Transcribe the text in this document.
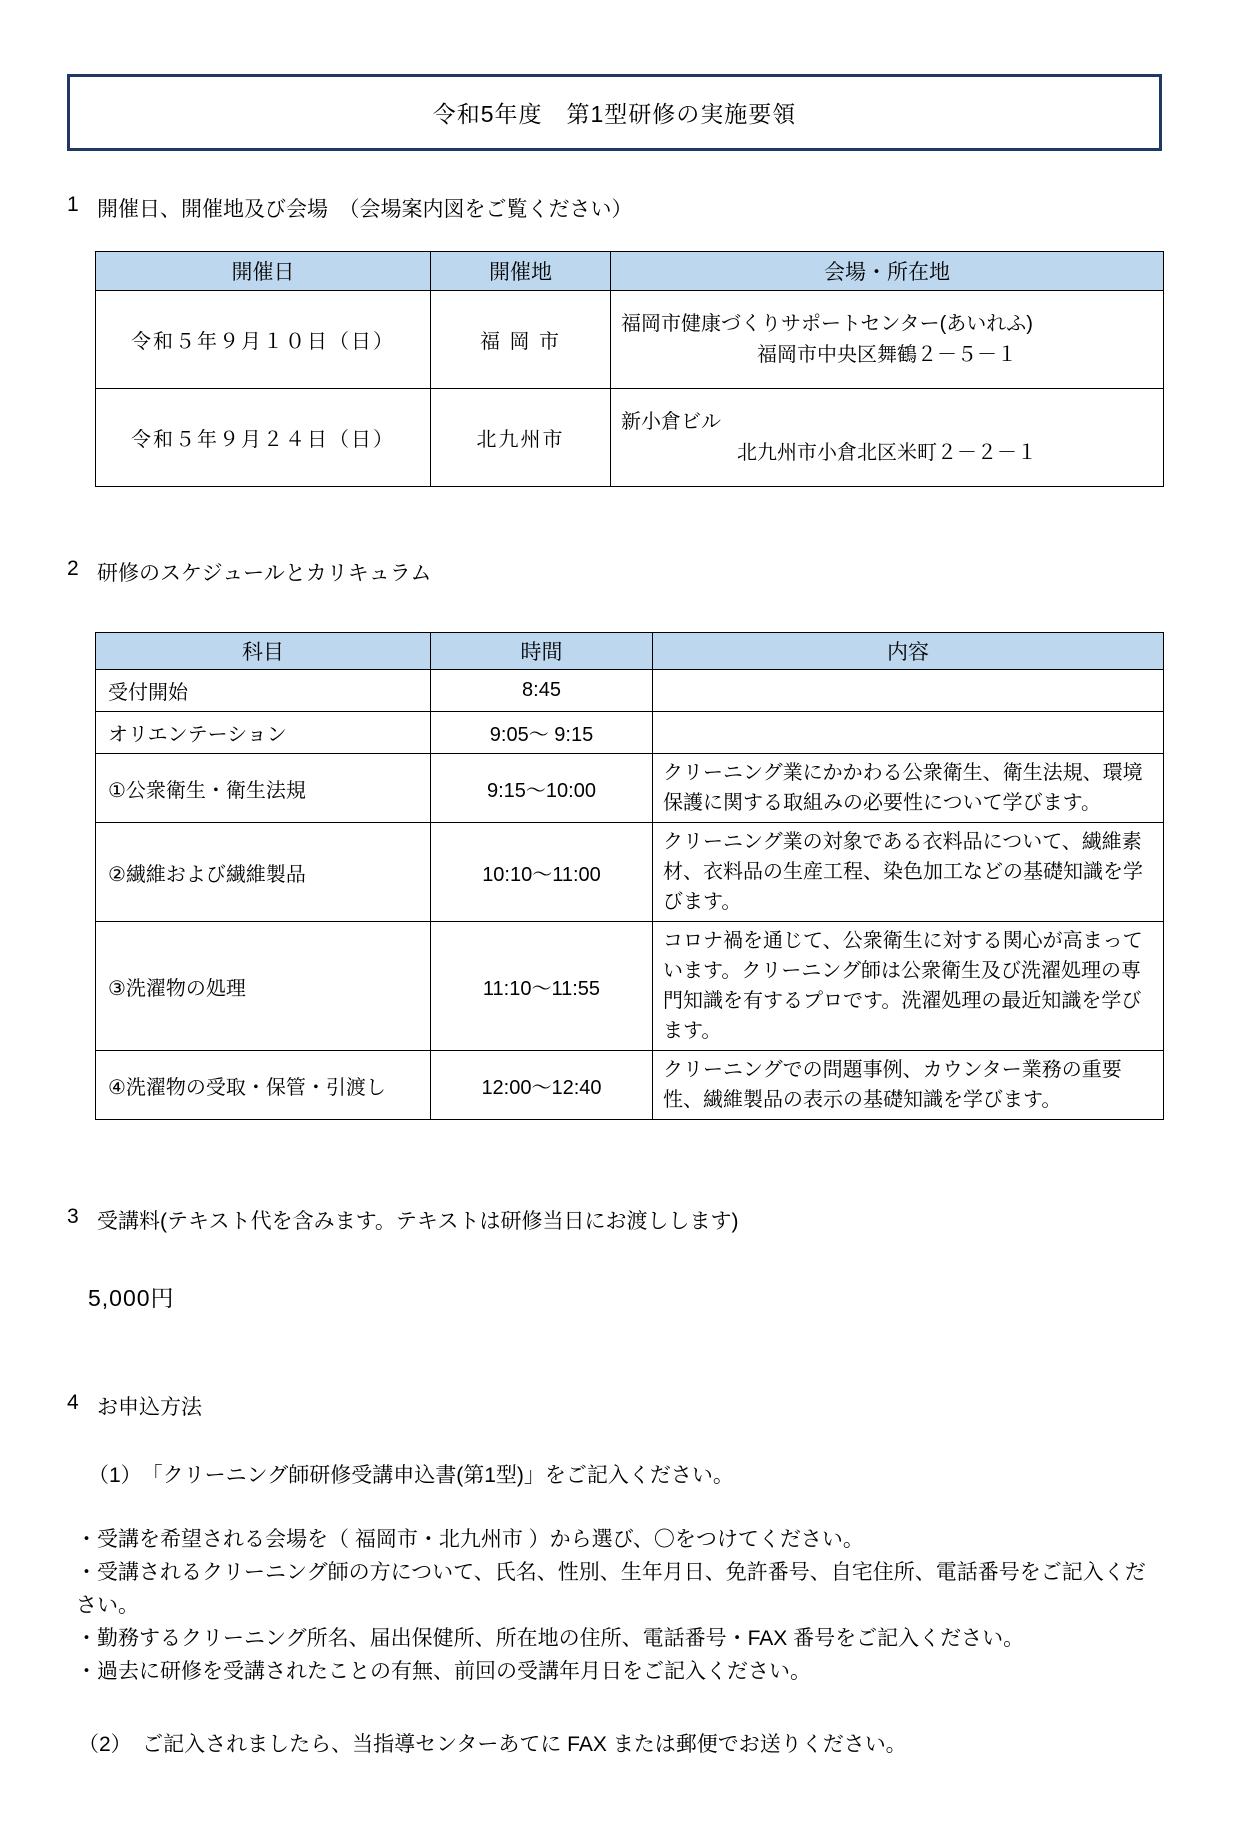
令和5年度　第1型研修の実施要領
1 開催日、開催地及び会場　（会場案内図をご覧ください）
開催日	開催地	会場・所在地
令和５年９月１０日（日）	福 岡 市	福岡市健康づくりサポートセンター(あいれふ)
福岡市中央区舞鶴２－５－１

令和５年９月２４日（日）	北九州市	新小倉ビル
北九州市小倉北区米町２－２－１
2 研修のスケジュールとカリキュラム
科目	時間	内容
受付開始	8:45	
オリエンテーション	9:05～ 9:15	
①公衆衛生・衛生法規	9:15～10:00	クリーニング業にかかわる公衆衛生、衛生法規、環境保護に関する取組みの必要性について学びます。
②繊維および繊維製品	10:10～11:00	クリーニング業の対象である衣料品について、繊維素材、衣料品の生産工程、染色加工などの基礎知識を学びます。
③洗濯物の処理	11:10～11:55	コロナ禍を通じて、公衆衛生に対する関心が高まっています。クリーニング師は公衆衛生及び洗濯処理の専門知識を有するプロです。洗濯処理の最近知識を学びます。
④洗濯物の受取・保管・引渡し	12:00～12:40	クリーニングでの問題事例、カウンター業務の重要性、繊維製品の表示の基礎知識を学びます。
3 受講料(テキスト代を含みます。テキストは研修当日にお渡しします)
5,000円
4 お申込方法
（1）　「クリーニング師研修受講申込書(第1型)」をご記入ください。
・受講を希望される会場を（ 福岡市・北九州市 ）から選び、〇をつけてください。
・受講されるクリーニング師の方について、氏名、性別、生年月日、免許番号、自宅住所、電話番号をご記入ください。
・勤務するクリーニング所名、届出保健所、所在地の住所、電話番号・FAX 番号をご記入ください。
・過去に研修を受講されたことの有無、前回の受講年月日をご記入ください。
（2）　ご記入されましたら、当指導センターあてに FAX または郵便でお送りください。
